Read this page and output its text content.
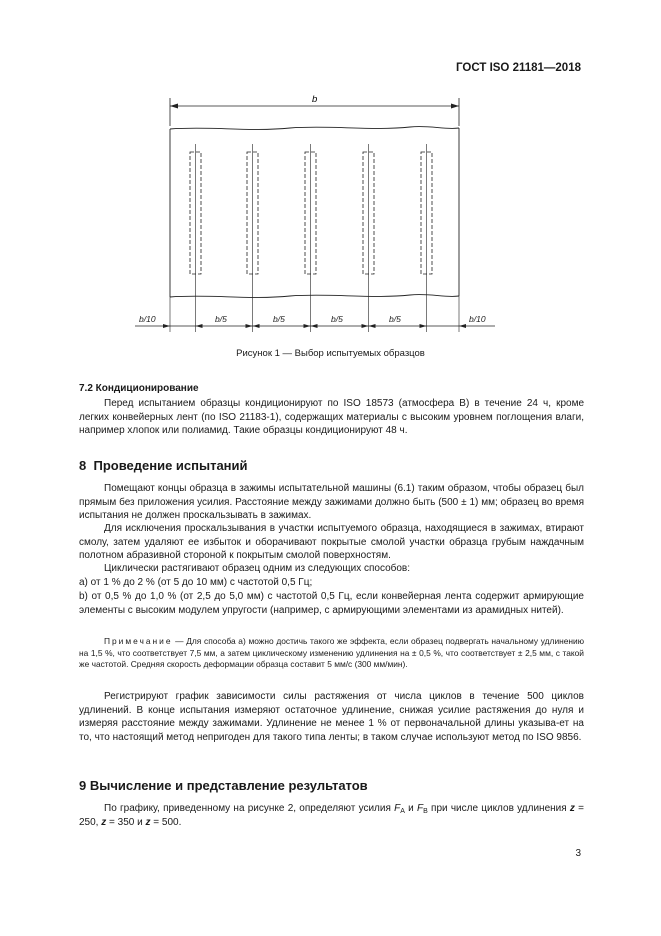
ГОСТ ISO 21181—2018
b
b/10	b/5	b/5	b/5	b/5	b/10
Рисунок 1 — Выбор испытуемых образцов
7.2 Кондиционирование
Перед испытанием образцы кондиционируют по ISO 18573 (атмосфера В) в течение 24 ч, кроме легких конвейерных лент (по ISO 21183-1), содержащих материалы с высоким уровнем поглощения влаги, например хлопок или полиамид. Такие образцы кондиционируют 48 ч.
8 Проведение испытаний
Помещают концы образца в зажимы испытательной машины (6.1) таким образом, чтобы образец был прямым без приложения усилия. Расстояние между зажимами должно быть (500 ± 1) мм; образец во время испытания не должен проскальзывать в зажимах.
Для исключения проскальзывания в участки испытуемого образца, находящиеся в зажимах, втирают смолу, затем удаляют ее избыток и оборачивают покрытые смолой участки образца грубым наждачным полотном абразивной стороной к покрытым смолой поверхностям.
Циклически растягивают образец одним из следующих способов:
а) от 1 % до 2 % (от 5 до 10 мм) с частотой 0,5 Гц;
b) от 0,5 % до 1,0 % (от 2,5 до 5,0 мм) с частотой 0,5 Гц, если конвейерная лента содержит армирующие элементы с высоким модулем упругости (например, с армирующими элементами из арамидных нитей).
Примечание — Для способа а) можно достичь такого же эффекта, если образец подвергать начальному удлинению на 1,5 %, что соответствует 7,5 мм, а затем циклическому изменению удлинения на ± 0,5 %, что соответствует ± 2,5 мм, с такой же частотой. Средняя скорость деформации образца составит 5 мм/с (300 мм/мин).
Регистрируют график зависимости силы растяжения от числа циклов в течение 500 циклов удлинений. В конце испытания измеряют остаточное удлинение, снижая усилие растяжения до нуля и измеряя расстояние между зажимами. Удлинение не менее 1 % от первоначальной длины указыва-ет на то, что настоящий метод непригоден для такого типа ленты; в таком случае используют метод по ISO 9856.
9 Вычисление и представление результатов
По графику, приведенному на рисунке 2, определяют усилия $F_A$ и $F_B$ при числе циклов удлинения z = 250, z = 350 и z = 500.
3
